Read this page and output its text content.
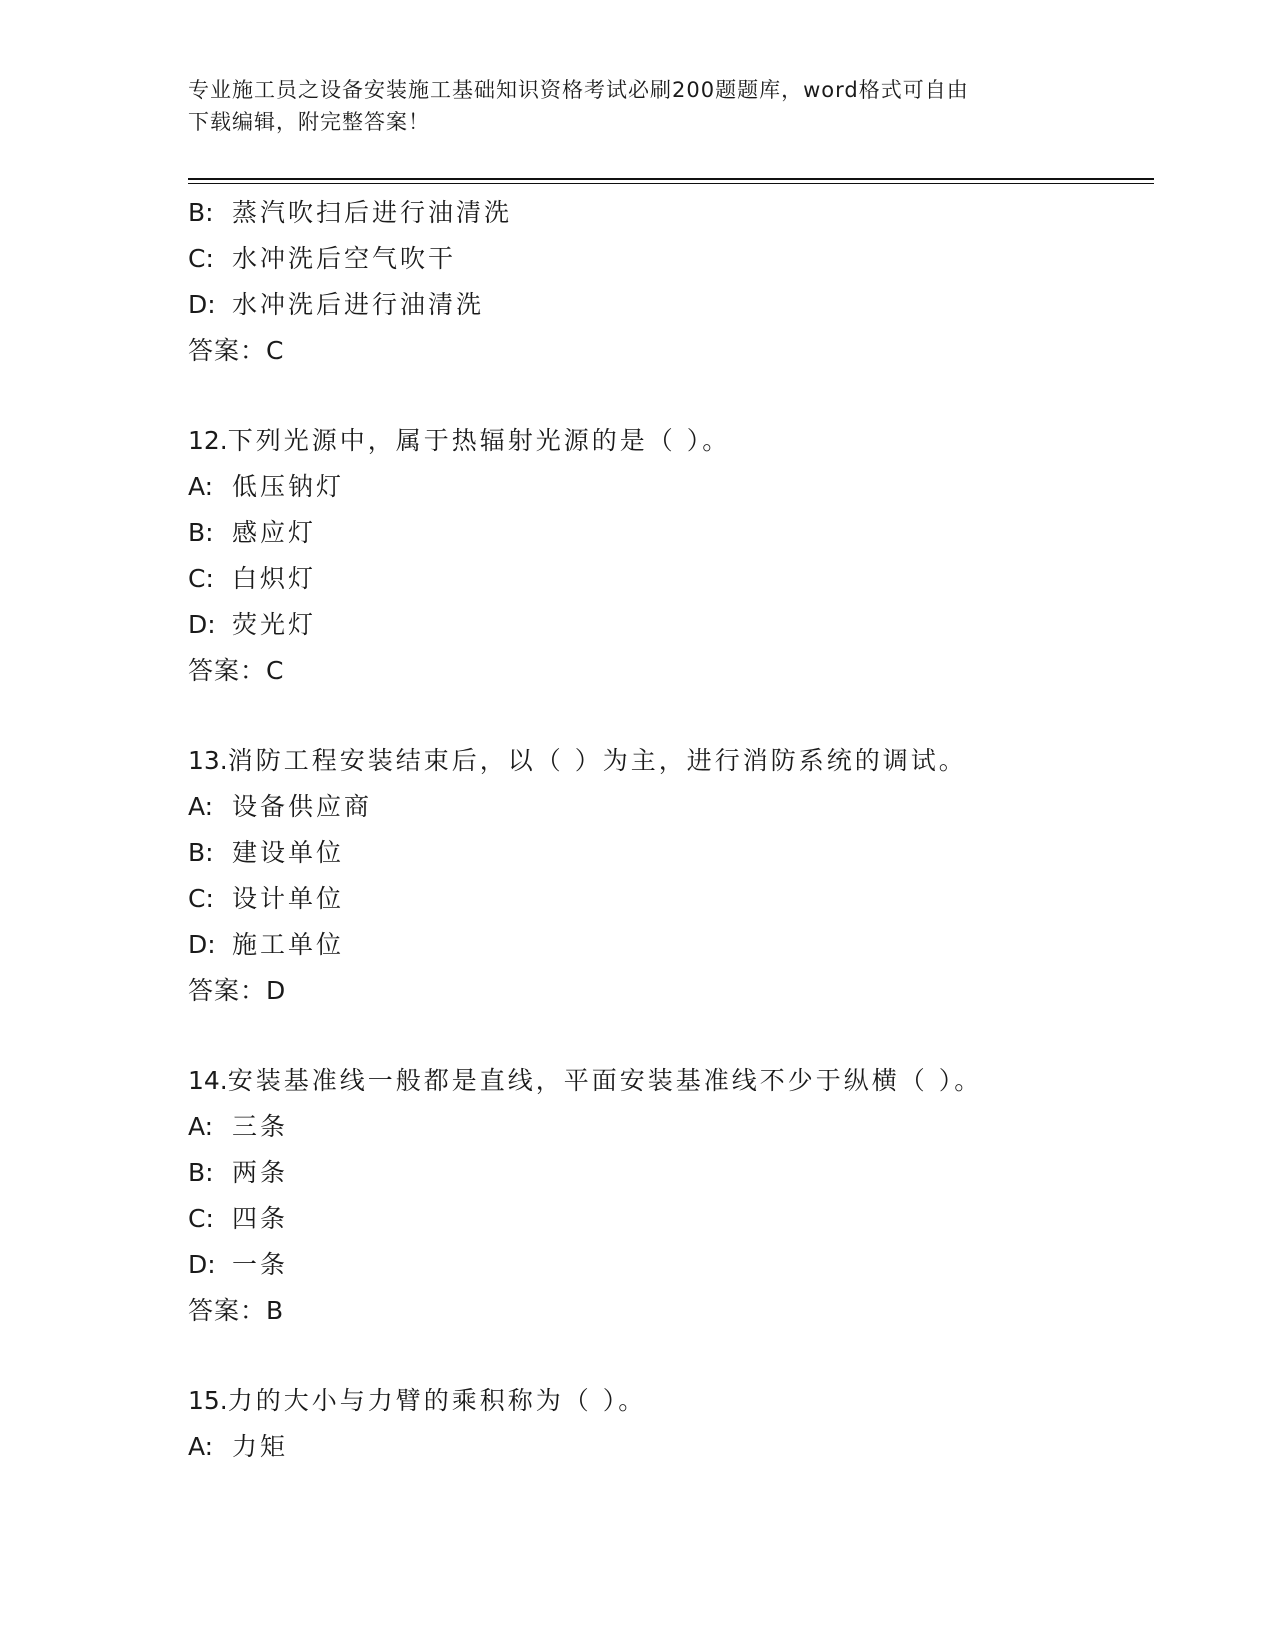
专业施工员之设备安装施工基础知识资格考试必刷200题题库，word格式可自由
下载编辑，附完整答案！
B: 蒸汽吹扫后进行油清洗
C: 水冲洗后空气吹干
D: 水冲洗后进行油清洗
答案：C
12.下列光源中，属于热辐射光源的是（ ）。
A: 低压钠灯
B: 感应灯
C: 白炽灯
D: 荧光灯
答案：C
13.消防工程安装结束后，以（ ）为主，进行消防系统的调试。
A: 设备供应商
B: 建设单位
C: 设计单位
D: 施工单位
答案：D
14.安装基准线一般都是直线，平面安装基准线不少于纵横（ ）。
A: 三条
B: 两条
C: 四条
D: 一条
答案：B
15.力的大小与力臂的乘积称为（ ）。
A: 力矩
